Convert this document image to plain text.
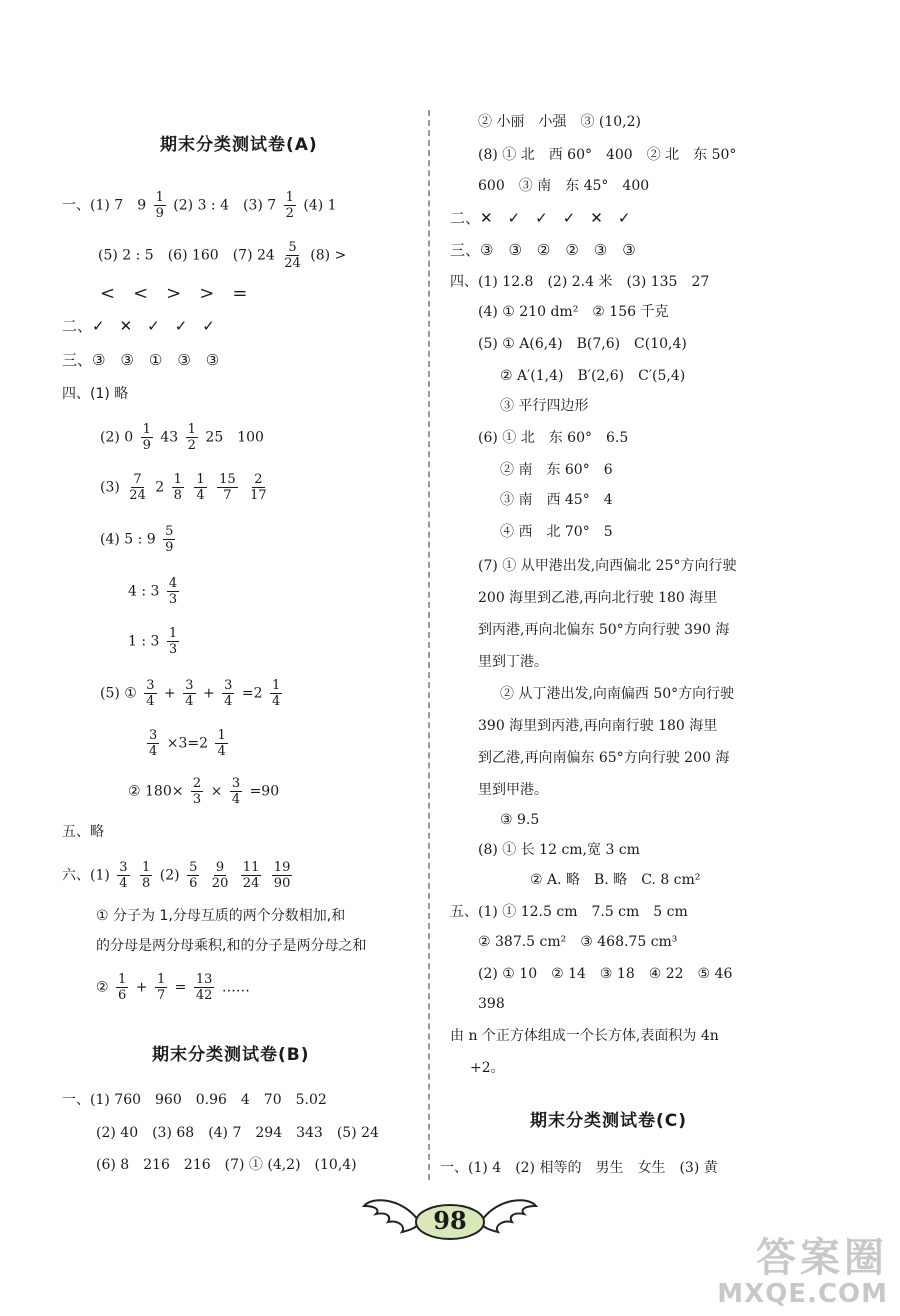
期末分类测试卷(A)
一、(1) 7　$9 \frac{1}{9} (2)$ 3 : 4　(3) $7 \frac{1}{2} (4)$ 1
(5) 2 : 5　(6) 160　(7) $24 \frac{5}{24} (8)$ >
<　<　>　>　=
二、✓　✕　✓　✓　✓
三、③　③　①　③　③
四、(1) 略
(2) $0 \frac{1}{9} 43 \frac{1}{2} 25$　100
$(3) \frac{7}{24} 2 \frac{1}{8}$
$\frac{1}{4}$
$\frac{15}{7}$
$\frac{2}{17}$
(4) 5 : $9 \frac{5}{9}$
4 : $3 \frac{4}{3}$
1 : $3 \frac{1}{3}$
(5) ① $\frac{3}{4} + \frac{3}{4} + \frac{3}{4} =2 \frac{1}{4}$
$\frac{3}{4} \times 3=2 \frac{1}{4}$
② $180\times \frac{2}{3} \times \frac{3}{4} =90$
五、略
六、$(1) \frac{3}{4}$
$\frac{1}{8} (2) \frac{5}{6}$
$\frac{9}{20}$
$\frac{11}{24}$
$\frac{19}{90}$
① 分子为 1,分母互质的两个分数相加,和
的分母是两分母乘积,和的分子是两分母之和
② $\frac{1}{6} + \frac{1}{7} = \frac{13}{42}$ ……
期末分类测试卷(B)
一、(1) 760　960　0.96　4　70　5.02
(2) 40　(3) 68　(4) 7　294　343　(5) 24
(6) 8　216　216　(7) ① (4,2)　(10,4)
② 小丽　小强　③ (10,2)
(8) ① 北　西 60°　400　② 北　东 50°
600　③ 南　东 45°　400
二、✕　✓　✓　✓　✕　✓
三、③　③　②　②　③　③
四、(1) 12.8　(2) 2.4 米　(3) 135　27
(4) ① 210 dm²　② 156 千克
(5) ① A(6,4)　B(7,6)　C(10,4)
② A′(1,4)　B′(2,6)　C′(5,4)
③ 平行四边形
(6) ① 北　东 60°　6.5
② 南　东 60°　6
③ 南　西 45°　4
④ 西　北 70°　5
(7) ① 从甲港出发,向西偏北 25°方向行驶
200 海里到乙港,再向北行驶 180 海里
到丙港,再向北偏东 50°方向行驶 390 海
里到丁港。
② 从丁港出发,向南偏西 50°方向行驶
390 海里到丙港,再向南行驶 180 海里
到乙港,再向南偏东 65°方向行驶 200 海
里到甲港。
③ 9.5
(8) ① 长 12 cm,宽 3 cm
② A. 略　B. 略　C. 8 cm²
五、(1) ① 12.5 cm　7.5 cm　5 cm
② 387.5 cm²　③ 468.75 cm³
(2) ① 10　② 14　③ 18　④ 22　⑤ 46
398
由 n 个正方体组成一个长方体,表面积为 4n
+2。
期末分类测试卷(C)
一、(1) 4　(2) 相等的　男生　女生　(3) 黄
98
答案圈
MXQE.COM
